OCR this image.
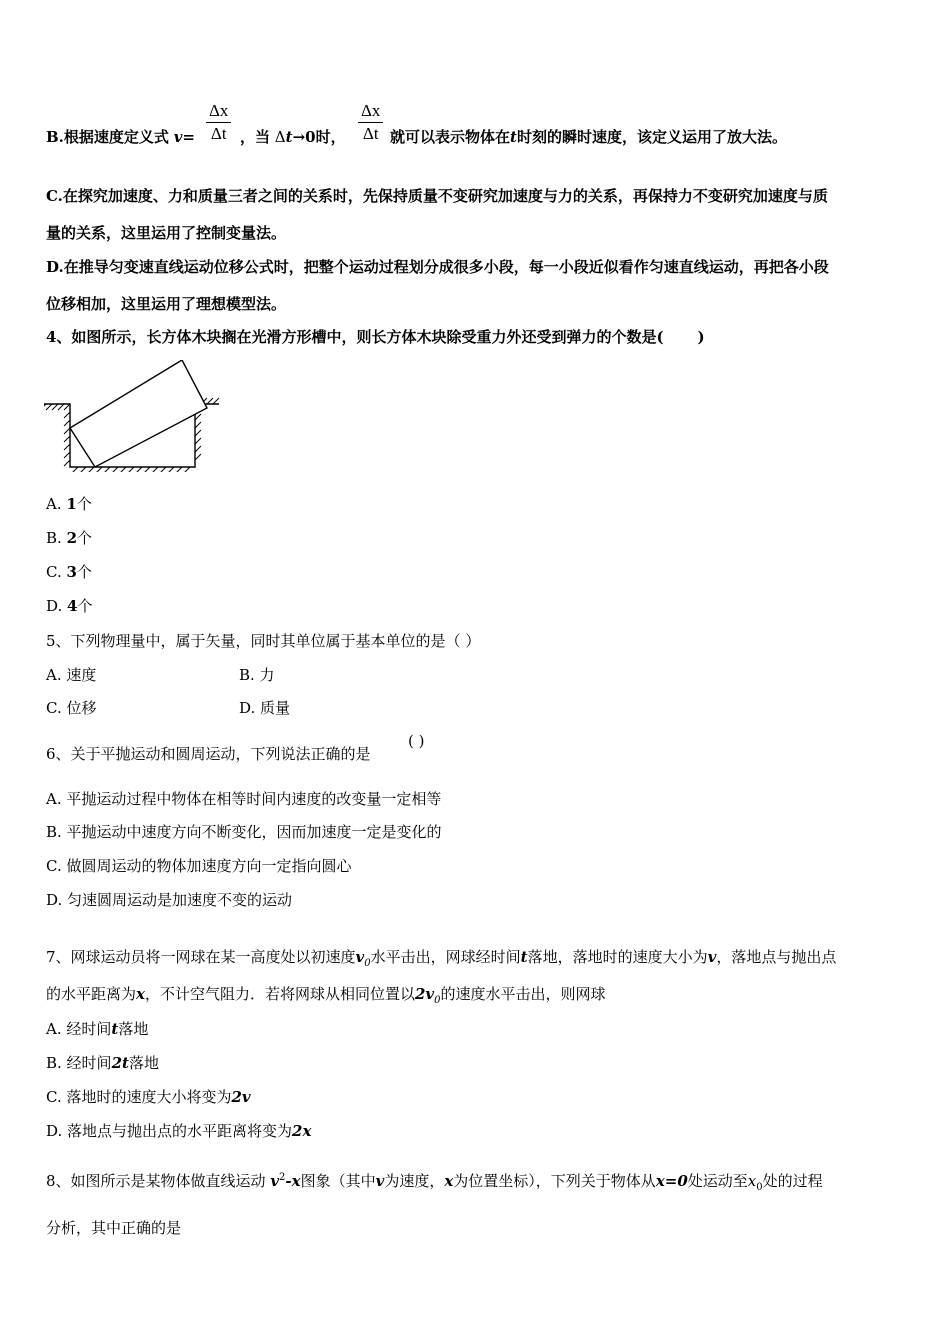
B.根据速度定义式 $v= \frac{\Delta x}{\Delta t}$ ，当 Δt→0时， $\frac{\Delta x}{\Delta t}$ 就可以表示物体在t时刻的瞬时速度，该定义运用了放大法。
C.在探究加速度、力和质量三者之间的关系时，先保持质量不变研究加速度与力的关系，再保持力不变研究加速度与质
量的关系，这里运用了控制变量法。
D.在推导匀变速直线运动位移公式时，把整个运动过程划分成很多小段，每一小段近似看作匀速直线运动，再把各小段
位移相加，这里运用了理想模型法。
4、如图所示，长方体木块搁在光滑方形槽中，则长方体木块除受重力外还受到弹力的个数是( )
A. 1个
B. 2个
C. 3个
D. 4个
5、下列物理量中，属于矢量，同时其单位属于基本单位的是（ ）
A. 速度	B. 力
C. 位移	D. 质量
6、关于平抛运动和圆周运动，下列说法正确的是
( )
A. 平抛运动过程中物体在相等时间内速度的改变量一定相等
B. 平抛运动中速度方向不断变化，因而加速度一定是变化的
C. 做圆周运动的物体加速度方向一定指向圆心
D. 匀速圆周运动是加速度不变的运动
7、网球运动员将一网球在某一高度处以初速度$v_0$水平击出，网球经时间t落地，落地时的速度大小为v，落地点与抛出点
的水平距离为x，不计空气阻力．若将网球从相同位置以$2v_0$的速度水平击出，则网球
A. 经时间t落地
B. 经时间2t落地
C. 落地时的速度大小将变为2v
D. 落地点与抛出点的水平距离将变为2x
8、如图所示是某物体做直线运动 $v^2-x$图象（其中v为速度，x为位置坐标），下列关于物体从x=0处运动至$x_0$处的过程
分析，其中正确的是
